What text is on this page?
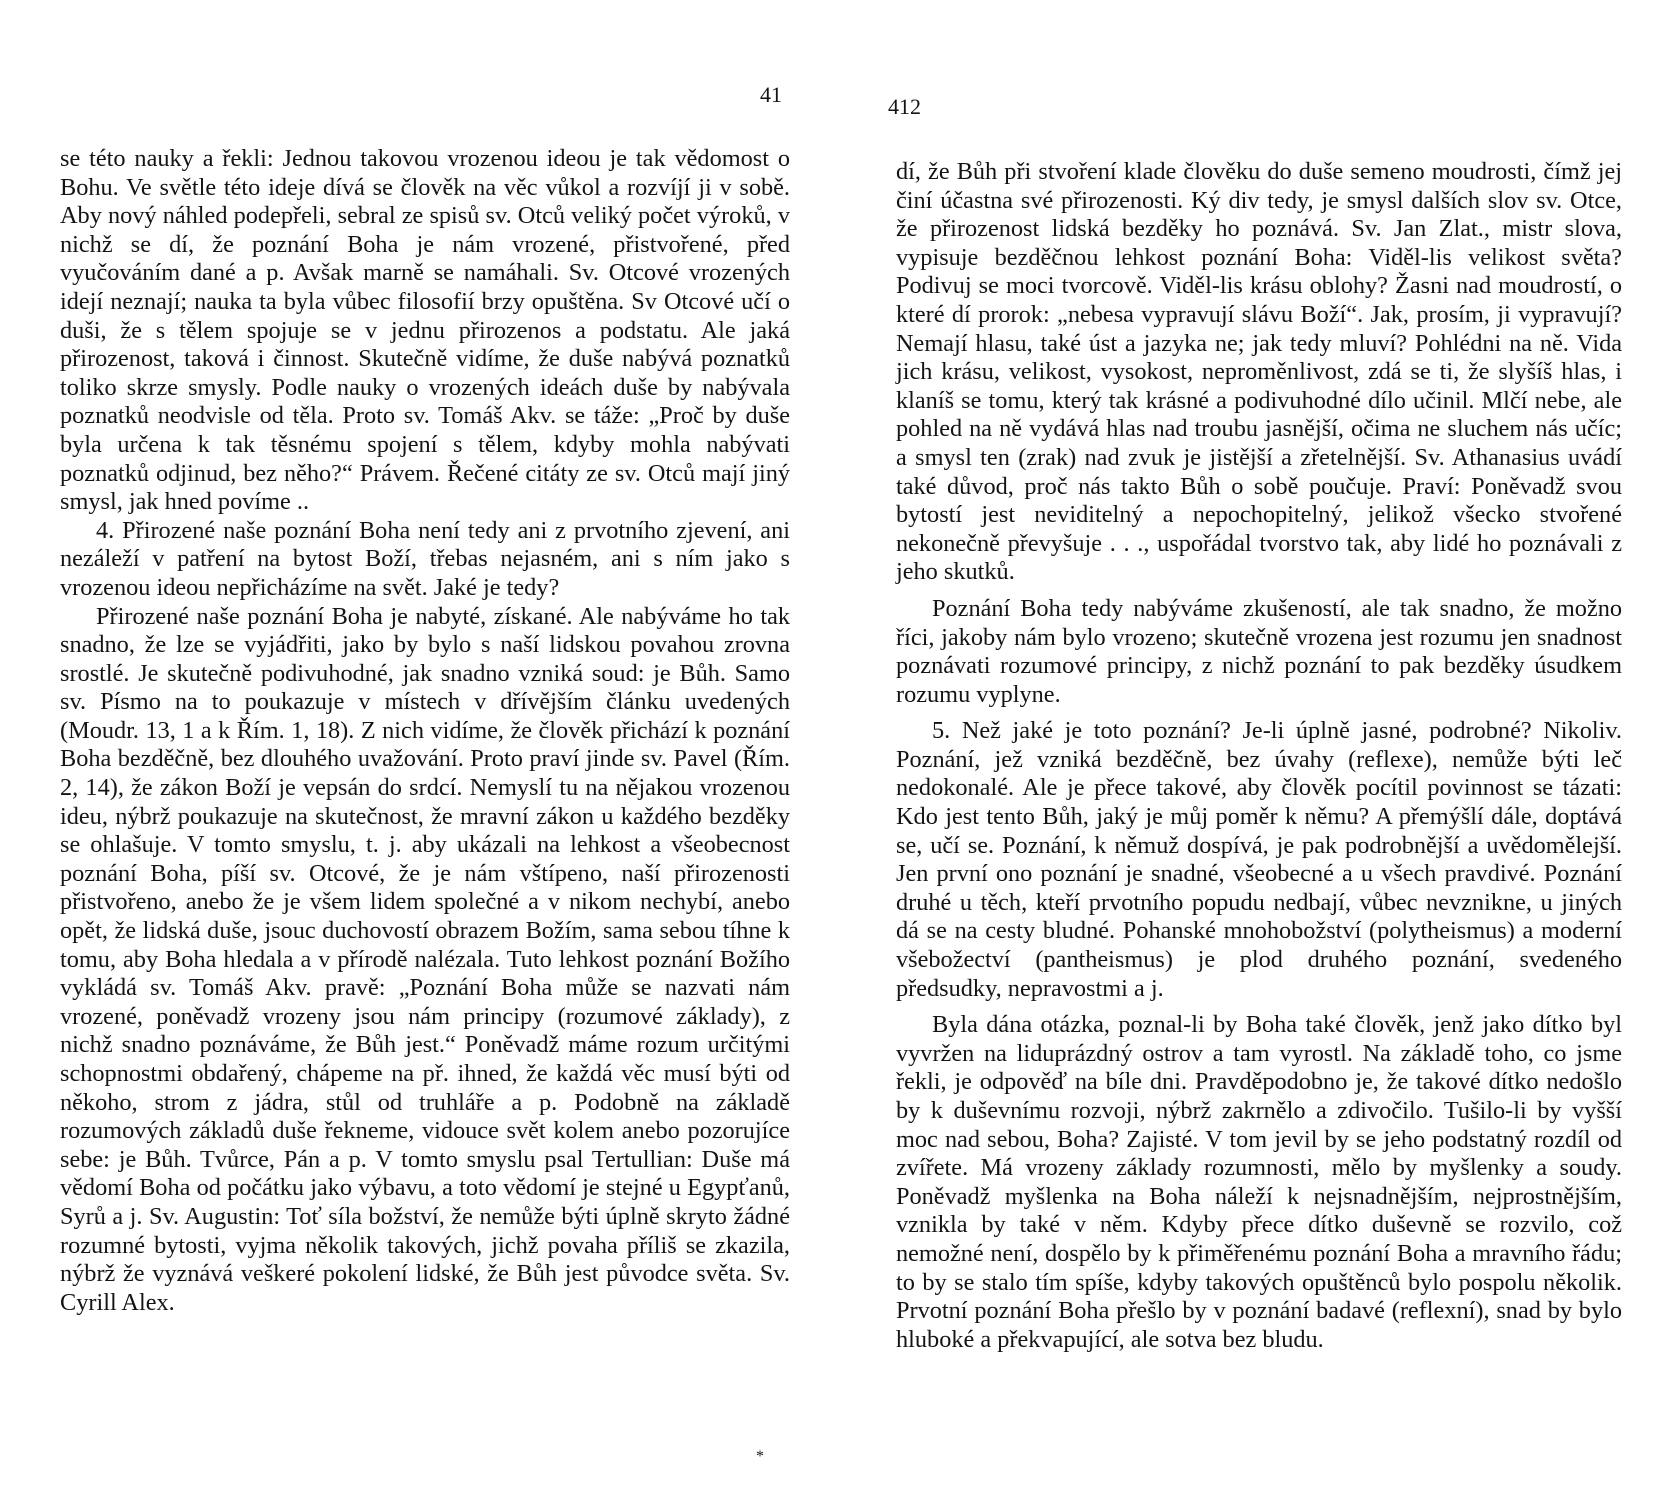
41

se této nauky a řekli: Jednou takovou vrozenou ideou je tak vědomost o Bohu. Ve světle této ideje dívá se člověk na věc vůkol a rozvíjí ji v sobě. Aby nový náhled podepřeli, sebral ze spisů sv. Otců veliký počet výroků, v nichž se dí, že poznání Boha je nám vrozené, přistvořené, před vyučováním dané a p. Avšak marně se namáhali. Sv. Otcové vrozených idejí neznají; nauka ta byla vůbec filosofií brzy opuštěna. Sv Otcové učí o duši, že s tělem spojuje se v jednu přirozenos a podstatu. Ale jaká přirozenost, taková i činnost. Skutečně vidíme, že duše nabývá poznatků toliko skrze smysly. Podle nauky o vrozených ideách duše by nabývala poznatků neodvisle od těla. Proto sv. Tomáš Akv. se táže: „Proč by duše byla určena k tak těsnému spojení s tělem, kdyby mohla nabývati poznatků odjinud, bez něho?“ Právem. Řečené citáty ze sv. Otců mají jiný smysl, jak hned povíme ..

4. Přirozené naše poznání Boha není tedy ani z prvotního zjevení, ani nezáleží v patření na bytost Boží, třebas nejasném, ani s ním jako s vrozenou ideou nepřicházíme na svět. Jaké je tedy?

Přirozené naše poznání Boha je nabyté, získané. Ale nabýváme ho tak snadno, že lze se vyjádřiti, jako by bylo s naší lidskou povahou zrovna srostlé. Je skutečně podivuhodné, jak snadno vzniká soud: je Bůh. Samo sv. Písmo na to poukazuje v místech v dřívějším článku uvedených (Moudr. 13, 1 a k Řím. 1, 18). Z nich vidíme, že člověk přichází k poznání Boha bezděčně, bez dlouhého uvažování. Proto praví jinde sv. Pavel (Řím. 2, 14), že zákon Boží je vepsán do srdcí. Nemyslí tu na nějakou vrozenou ideu, nýbrž poukazuje na skutečnost, že mravní zákon u každého bezděky se ohlašuje. V tomto smyslu, t. j. aby ukázali na lehkost a všeobecnost poznání Boha, píší sv. Otcové, že je nám vštípeno, naší přirozenosti přistvořeno, anebo že je všem lidem společné a v nikom nechybí, anebo opět, že lidská duše, jsouc duchovostí obrazem Božím, sama sebou tíhne k tomu, aby Boha hledala a v přírodě nalézala. Tuto lehkost poznání Božího vykládá sv. Tomáš Akv. pravě: „Poznání Boha může se nazvati nám vrozené, poněvadž vrozeny jsou nám principy (rozumové základy), z nichž snadno poznáváme, že Bůh jest.“ Poněvadž máme rozum určitými schopnostmi obdařený, chápeme na př. ihned, že každá věc musí býti od někoho, strom z jádra, stůl od truhláře a p. Podobně na základě rozumových základů duše řekneme, vidouce svět kolem anebo pozorujíce sebe: je Bůh. Tvůrce, Pán a p. V tomto smyslu psal Tertullian: Duše má vědomí Boha od počátku jako výbavu, a toto vědomí je stejné u Egypťanů, Syrů a j. Sv. Augustin: Toť síla božství, že nemůže býti úplně skryto žádné rozumné bytosti, vyjma několik takových, jichž povaha příliš se zkazila, nýbrž že vyznává veškeré pokolení lidské, že Bůh jest původce světa. Sv. Cyrill Alex.

*
412

dí, že Bůh při stvoření klade člověku do duše semeno moudrosti, čímž jej činí účastna své přirozenosti. Ký div tedy, je smysl dalších slov sv. Otce, že přirozenost lidská bezděky ho poznává. Sv. Jan Zlat., mistr slova, vypisuje bezděčnou lehkost poznání Boha: Viděl-lis velikost světa? Podivuj se moci tvorcově. Viděl-lis krásu oblohy? Žasni nad moudrostí, o které dí prorok: „nebesa vypravují slávu Boží“. Jak, prosím, ji vypravují? Nemají hlasu, také úst a jazyka ne; jak tedy mluví? Pohlédni na ně. Vida jich krásu, velikost, vysokost, neproměnlivost, zdá se ti, že slyšíš hlas, i klaníš se tomu, který tak krásné a podivuhodné dílo učinil. Mlčí nebe, ale pohled na ně vydává hlas nad troubu jasnější, očima ne sluchem nás učíc; a smysl ten (zrak) nad zvuk je jistější a zřetelnější. Sv. Athanasius uvádí také důvod, proč nás takto Bůh o sobě poučuje. Praví: Poněvadž svou bytostí jest neviditelný a nepochopitelný, jelikož všecko stvořené nekonečně převyšuje . . ., uspořádal tvorstvo tak, aby lidé ho poznávali z jeho skutků.

Poznání Boha tedy nabýváme zkušeností, ale tak snadno, že možno říci, jakoby nám bylo vrozeno; skutečně vrozena jest rozumu jen snadnost poznávati rozumové principy, z nichž poznání to pak bezděky úsudkem rozumu vyplyne.

5. Než jaké je toto poznání? Je-li úplně jasné, podrobné? Nikoliv. Poznání, jež vzniká bezděčně, bez úvahy (reflexe), nemůže býti leč nedokonalé. Ale je přece takové, aby člověk pocítil povinnost se tázati: Kdo jest tento Bůh, jaký je můj poměr k němu? A přemýšlí dále, doptává se, učí se. Poznání, k němuž dospívá, je pak podrobnější a uvědomělejší. Jen první ono poznání je snadné, všeobecné a u všech pravdivé. Poznání druhé u těch, kteří prvotního popudu nedbají, vůbec nevznikne, u jiných dá se na cesty bludné. Pohanské mnohobožství (polytheismus) a moderní všebožectví (pantheismus) je plod druhého poznání, svedeného předsudky, nepravostmi a j.

Byla dána otázka, poznal-li by Boha také člověk, jenž jako dítko byl vyvržen na liduprázdný ostrov a tam vyrostl. Na základě toho, co jsme řekli, je odpověď na bíle dni. Pravděpodobno je, že takové dítko nedošlo by k duševnímu rozvoji, nýbrž zakrnělo a zdivočilo. Tušilo-li by vyšší moc nad sebou, Boha? Zajisté. V tom jevil by se jeho podstatný rozdíl od zvířete. Má vrozeny základy rozumnosti, mělo by myšlenky a soudy. Poněvadž myšlenka na Boha náleží k nejsnadnějším, nejprostnějším, vznikla by také v něm. Kdyby přece dítko duševně se rozvilo, což nemožné není, dospělo by k přiměřenému poznání Boha a mravního řádu; to by se stalo tím spíše, kdyby takových opuštěnců bylo pospolu několik. Prvotní poznání Boha přešlo by v poznání badavé (reflexní), snad by bylo hluboké a překvapující, ale sotva bez bludu.
